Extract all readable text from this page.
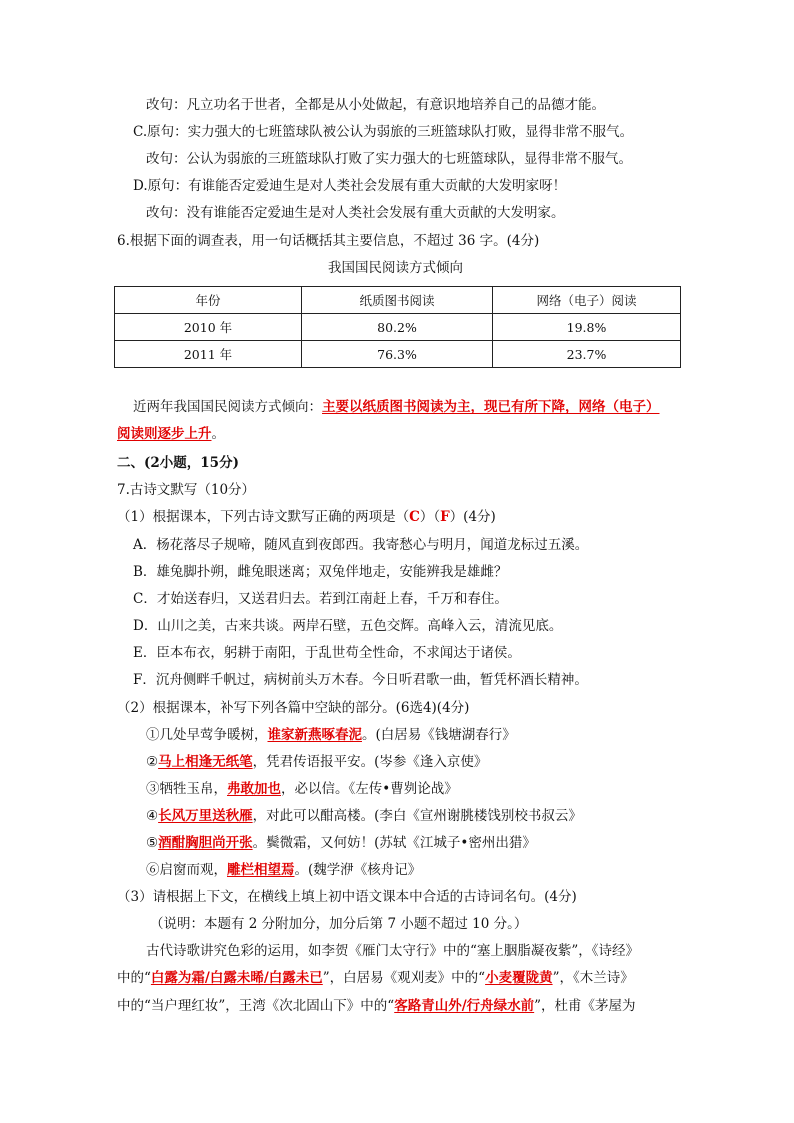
改句：凡立功名于世者，全都是从小处做起，有意识地培养自己的品德才能。
C.原句：实力强大的七班篮球队被公认为弱旅的三班篮球队打败，显得非常不服气。
改句：公认为弱旅的三班篮球队打败了实力强大的七班篮球队，显得非常不服气。
D.原句：有谁能否定爱迪生是对人类社会发展有重大贡献的大发明家呀！
改句：没有谁能否定爱迪生是对人类社会发展有重大贡献的大发明家。
6.根据下面的调查表，用一句话概括其主要信息，不超过 36 字。(4分)
我国国民阅读方式倾向
年份	纸质图书阅读	网络（电子）阅读
2010 年	80.2%	19.8%
2011 年	76.3%	23.7%
近两年我国国民阅读方式倾向：主要以纸质图书阅读为主，现已有所下降，网络（电子）
阅读则逐步上升。
二、(2小题，15分)
7.古诗文默写（10分）
（1）根据课本，下列古诗文默写正确的两项是（C）（F）(4分)
A．杨花落尽子规啼，随风直到夜郎西。我寄愁心与明月，闻道龙标过五溪。
B．雄兔脚扑朔，雌兔眼迷离；双兔伴地走，安能辨我是雄雌？
C．才始送春归，又送君归去。若到江南赶上春，千万和春住。
D．山川之美，古来共谈。两岸石壁，五色交辉。高峰入云，清流见底。
E．臣本布衣，躬耕于南阳，于乱世苟全性命，不求闻达于诸侯。
F．沉舟侧畔千帆过，病树前头万木春。今日听君歌一曲，暂凭杯酒长精神。
（2）根据课本，补写下列各篇中空缺的部分。(6选4)(4分)
①几处早莺争暖树，谁家新燕啄春泥。(白居易《钱塘湖春行》
②马上相逢无纸笔，凭君传语报平安。(岑参《逢入京使》
③牺牲玉帛，弗敢加也，必以信。《左传•曹刿论战》
④长风万里送秋雁，对此可以酣高楼。(李白《宣州谢朓楼饯别校书叔云》
⑤酒酣胸胆尚开张。鬓微霜，又何妨！(苏轼《江城子•密州出猎》
⑥启窗而观，雕栏相望焉。(魏学洢《核舟记》
（3）请根据上下文，在横线上填上初中语文课本中合适的古诗词名句。(4分)
（说明：本题有 2 分附加分，加分后第 7 小题不超过 10 分。）
古代诗歌讲究色彩的运用，如李贺《雁门太守行》中的“塞上胭脂凝夜紫”，《诗经》
中的“白露为霜/白露未晞/白露未已”，白居易《观刈麦》中的“小麦覆陇黄”，《木兰诗》
中的“当户理红妆”，王湾《次北固山下》中的“客路青山外/行舟绿水前”，杜甫《茅屋为
